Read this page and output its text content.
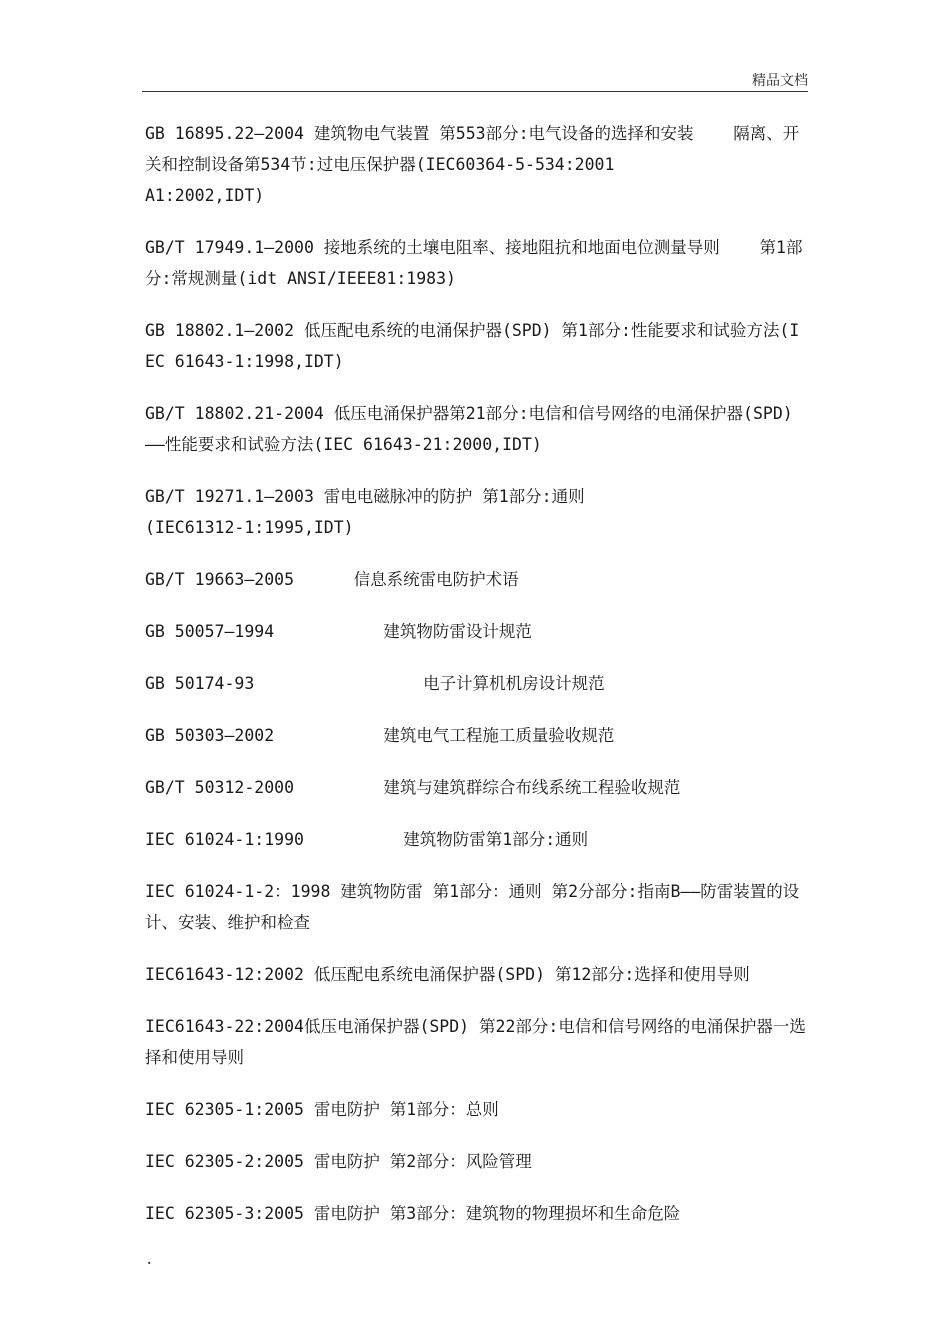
精品文档

GB 16895.22—2004 建筑物电气装置 第553部分:电气设备的选择和安装    隔离、开关和控制设备第534节:过电压保护器(IEC60364-5-534:2001
A1:2002,IDT)

GB/T 17949.1—2000 接地系统的土壤电阻率、接地阻抗和地面电位测量导则    第1部分:常规测量(idt ANSI/IEEE81:1983)

GB 18802.1—2002 低压配电系统的电涌保护器(SPD) 第1部分:性能要求和试验方法(IEC 61643-1:1998,IDT)

GB/T 18802.21-2004 低压电涌保护器第21部分:电信和信号网络的电涌保护器(SPD)——性能要求和试验方法(IEC 61643-21:2000,IDT)

GB/T 19271.1—2003 雷电电磁脉冲的防护 第1部分:通则
(IEC61312-1:1995,IDT)

GB/T 19663—2005      信息系统雷电防护术语

GB 50057—1994           建筑物防雷设计规范

GB 50174-93                 电子计算机机房设计规范

GB 50303—2002           建筑电气工程施工质量验收规范

GB/T 50312-2000         建筑与建筑群综合布线系统工程验收规范

IEC 61024-1:1990          建筑物防雷第1部分:通则

IEC 61024-1-2：1998 建筑物防雷 第1部分：通则 第2分部分:指南B——防雷装置的设计、安装、维护和检查

IEC61643-12:2002 低压配电系统电涌保护器(SPD) 第12部分:选择和使用导则

IEC61643-22:2004低压电涌保护器(SPD) 第22部分:电信和信号网络的电涌保护器一选择和使用导则

IEC 62305-1:2005 雷电防护 第1部分：总则

IEC 62305-2:2005 雷电防护 第2部分：风险管理

IEC 62305-3:2005 雷电防护 第3部分：建筑物的物理损坏和生命危险

.
